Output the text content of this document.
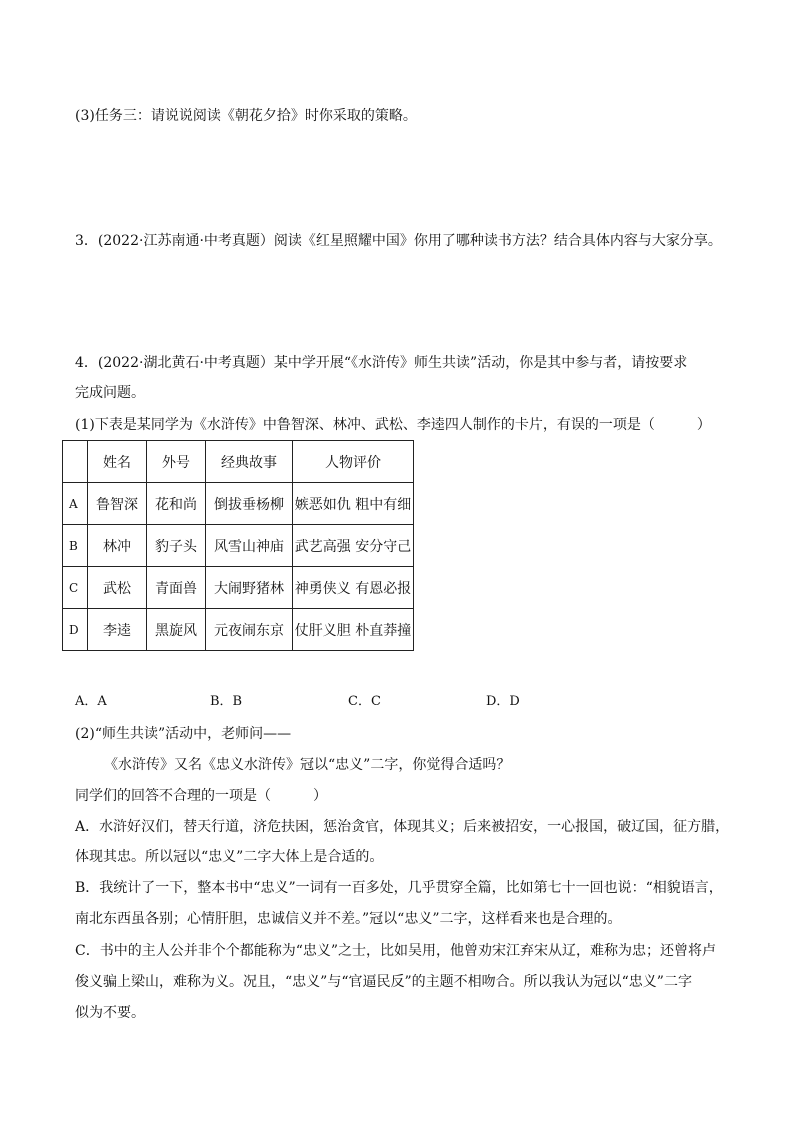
(3)任务三：请说说阅读《朝花夕拾》时你采取的策略。
3．(2022·江苏南通·中考真题）阅读《红星照耀中国》你用了哪种读书方法？结合具体内容与大家分享。
4．(2022·湖北黄石·中考真题）某中学开展“《水浒传》师生共读”活动，你是其中参与者，请按要求
完成问题。
(1)下表是某同学为《水浒传》中鲁智深、林冲、武松、李逵四人制作的卡片，有误的一项是（　　　）
	姓名	外号	经典故事	人物评价
A	鲁智深	花和尚	倒拔垂杨柳	嫉恶如仇 粗中有细
B	林冲	豹子头	风雪山神庙	武艺高强 安分守己
C	武松	青面兽	大闹野猪林	神勇侠义 有恩必报
D	李逵	黑旋风	元夜闹东京	仗肝义胆 朴直莽撞
A．A	B．B	C．C	D．D
(2)“师生共读”活动中，老师问——
《水浒传》又名《忠义水浒传》冠以“忠义”二字，你觉得合适吗？
同学们的回答不合理的一项是（　　　）
A．水浒好汉们，替天行道，济危扶困，惩治贪官，体现其义；后来被招安，一心报国，破辽国，征方腊，
体现其忠。所以冠以“忠义”二字大体上是合适的。
B．我统计了一下，整本书中“忠义”一词有一百多处，几乎贯穿全篇，比如第七十一回也说：“相貌语言，
南北东西虽各别；心情肝胆，忠诚信义并不差。”冠以“忠义”二字，这样看来也是合理的。
C．书中的主人公并非个个都能称为“忠义”之士，比如吴用，他曾劝宋江弃宋从辽，难称为忠；还曾将卢
俊义骗上梁山，难称为义。况且，“忠义”与“官逼民反”的主题不相吻合。所以我认为冠以“忠义”二字
似为不要。
